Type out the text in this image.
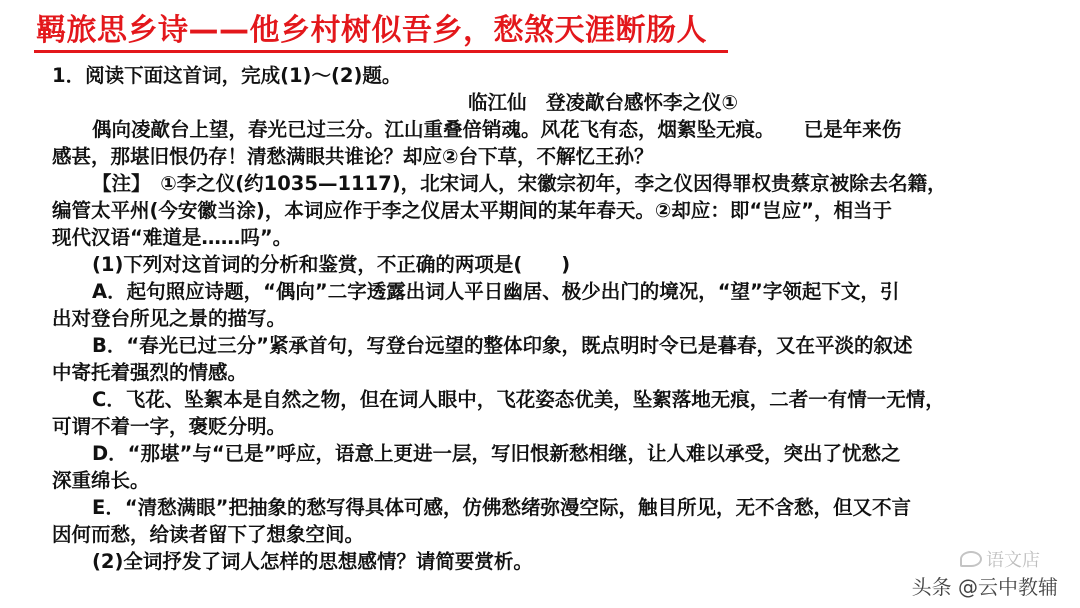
羁旅思乡诗——他乡村树似吾乡，愁煞天涯断肠人
1．阅读下面这首词，完成(1)～(2)题。
临江仙　登凌歊台感怀李之仪①
偶向凌歊台上望，春光已过三分。江山重叠倍销魂。风花飞有态，烟絮坠无痕。　　已是年来伤
感甚，那堪旧恨仍存！清愁满眼共谁论？却应②台下草，不解忆王孙？
【注】　①李之仪(约1035—1117)，北宋词人，宋徽宗初年，李之仪因得罪权贵蔡京被除去名籍，
编管太平州(今安徽当涂)，本词应作于李之仪居太平期间的某年春天。②却应：即“岂应”，相当于
现代汉语“难道是……吗”。
(1)下列对这首词的分析和鉴赏，不正确的两项是(　　)
A．起句照应诗题，“偶向”二字透露出词人平日幽居、极少出门的境况，“望”字领起下文，引
出对登台所见之景的描写。
B．“春光已过三分”紧承首句，写登台远望的整体印象，既点明时令已是暮春，又在平淡的叙述
中寄托着强烈的情感。
C．飞花、坠絮本是自然之物，但在词人眼中，飞花姿态优美，坠絮落地无痕，二者一有情一无情，
可谓不着一字，褒贬分明。
D．“那堪”与“已是”呼应，语意上更进一层，写旧恨新愁相继，让人难以承受，突出了忧愁之
深重绵长。
E．“清愁满眼”把抽象的愁写得具体可感，仿佛愁绪弥漫空际，触目所见，无不含愁，但又不言
因何而愁，给读者留下了想象空间。
(2)全词抒发了词人怎样的思想感情？请简要赏析。	语文店
头条 @云中教辅
